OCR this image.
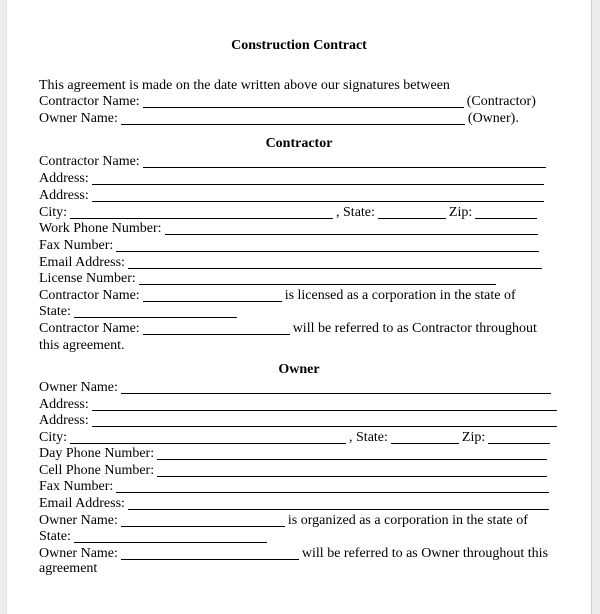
Construction Contract
This agreement is made on the date written above our signatures between
Contractor Name:	(Contractor)
Owner Name:	(Owner).
Contractor
Contractor Name:
Address:
Address:
City:	, State:	Zip:
Work Phone Number:
Fax Number:
Email Address:
License Number:
Contractor Name:	is licensed as a corporation in the state of
State:
Contractor Name:	will be referred to as Contractor throughout
this agreement.
Owner
Owner Name:
Address:
Address:
City:	, State:	Zip:
Day Phone Number:
Cell Phone Number:
Fax Number:
Email Address:
Owner Name:	is organized as a corporation in the state of
State:
Owner Name:	will be referred to as Owner throughout this
agreement
